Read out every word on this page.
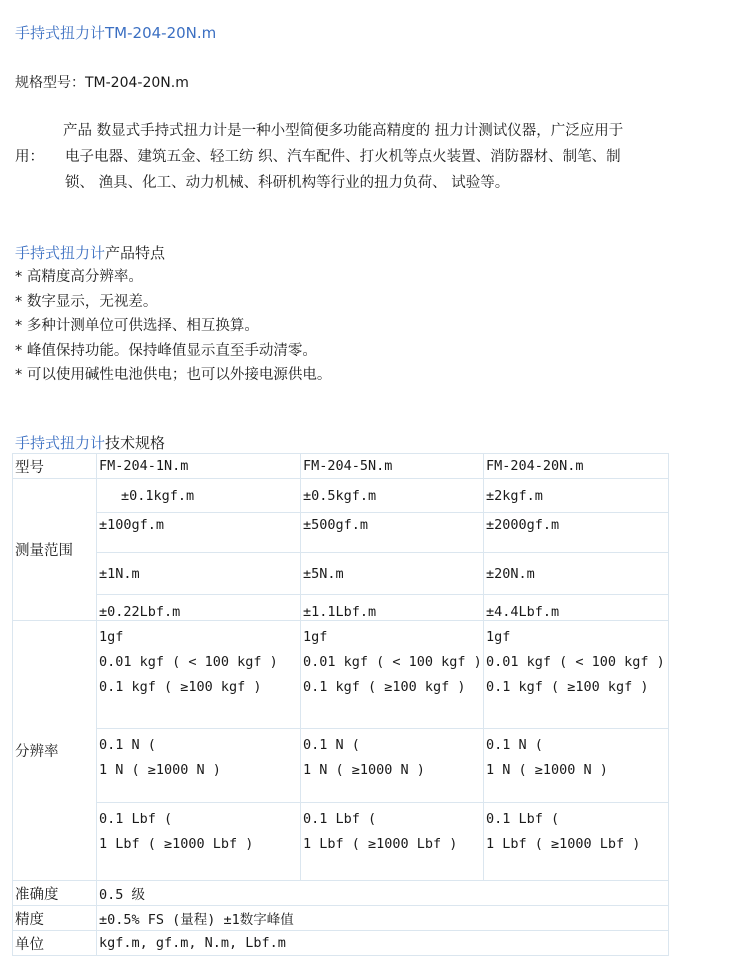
手持式扭力计TM-204-20N.m
规格型号：TM-204-20N.m
产品 数显式手持式扭力计是一种小型简便多功能高精度的 扭力计测试仪器，广泛应用于
用： 电子电器、建筑五金、轻工纺 织、汽车配件、打火机等点火装置、消防器材、制笔、制
锁、 渔具、化工、动力机械、科研机构等行业的扭力负荷、 试验等。
手持式扭力计产品特点
* 高精度高分辨率。
* 数字显示，无视差。
* 多种计测单位可供选择、相互换算。
* 峰值保持功能。保持峰值显示直至手动清零。
* 可以使用碱性电池供电；也可以外接电源供电。
手持式扭力计技术规格
型号	FM-204-1N.m	FM-204-5N.m	FM-204-20N.m
测量范围	±0.1kgf.m	±0.5kgf.m	±2kgf.m
	±100gf.m	±500gf.m	±2000gf.m
	±1N.m	±5N.m	±20N.m
	±0.22Lbf.m	±1.1Lbf.m	±4.4Lbf.m
分辨率	1gf
0.01 kgf ( < 100 kgf )
0.1 kgf ( ≥100 kgf )	1gf
0.01 kgf ( < 100 kgf )
0.1 kgf ( ≥100 kgf )	1gf
0.01 kgf ( < 100 kgf )
0.1 kgf ( ≥100 kgf )

	0.1 N (
1 N ( ≥1000 N )	0.1 N (
1 N ( ≥1000 N )	0.1 N (
1 N ( ≥1000 N )

	0.1 Lbf (
1 Lbf ( ≥1000 Lbf )	0.1 Lbf (
1 Lbf ( ≥1000 Lbf )	0.1 Lbf (
1 Lbf ( ≥1000 Lbf )

准确度	0.5 级		
精度	±0.5% FS (量程) ±1数字峰值		
单位	kgf.m, gf.m, N.m, Lbf.m		
